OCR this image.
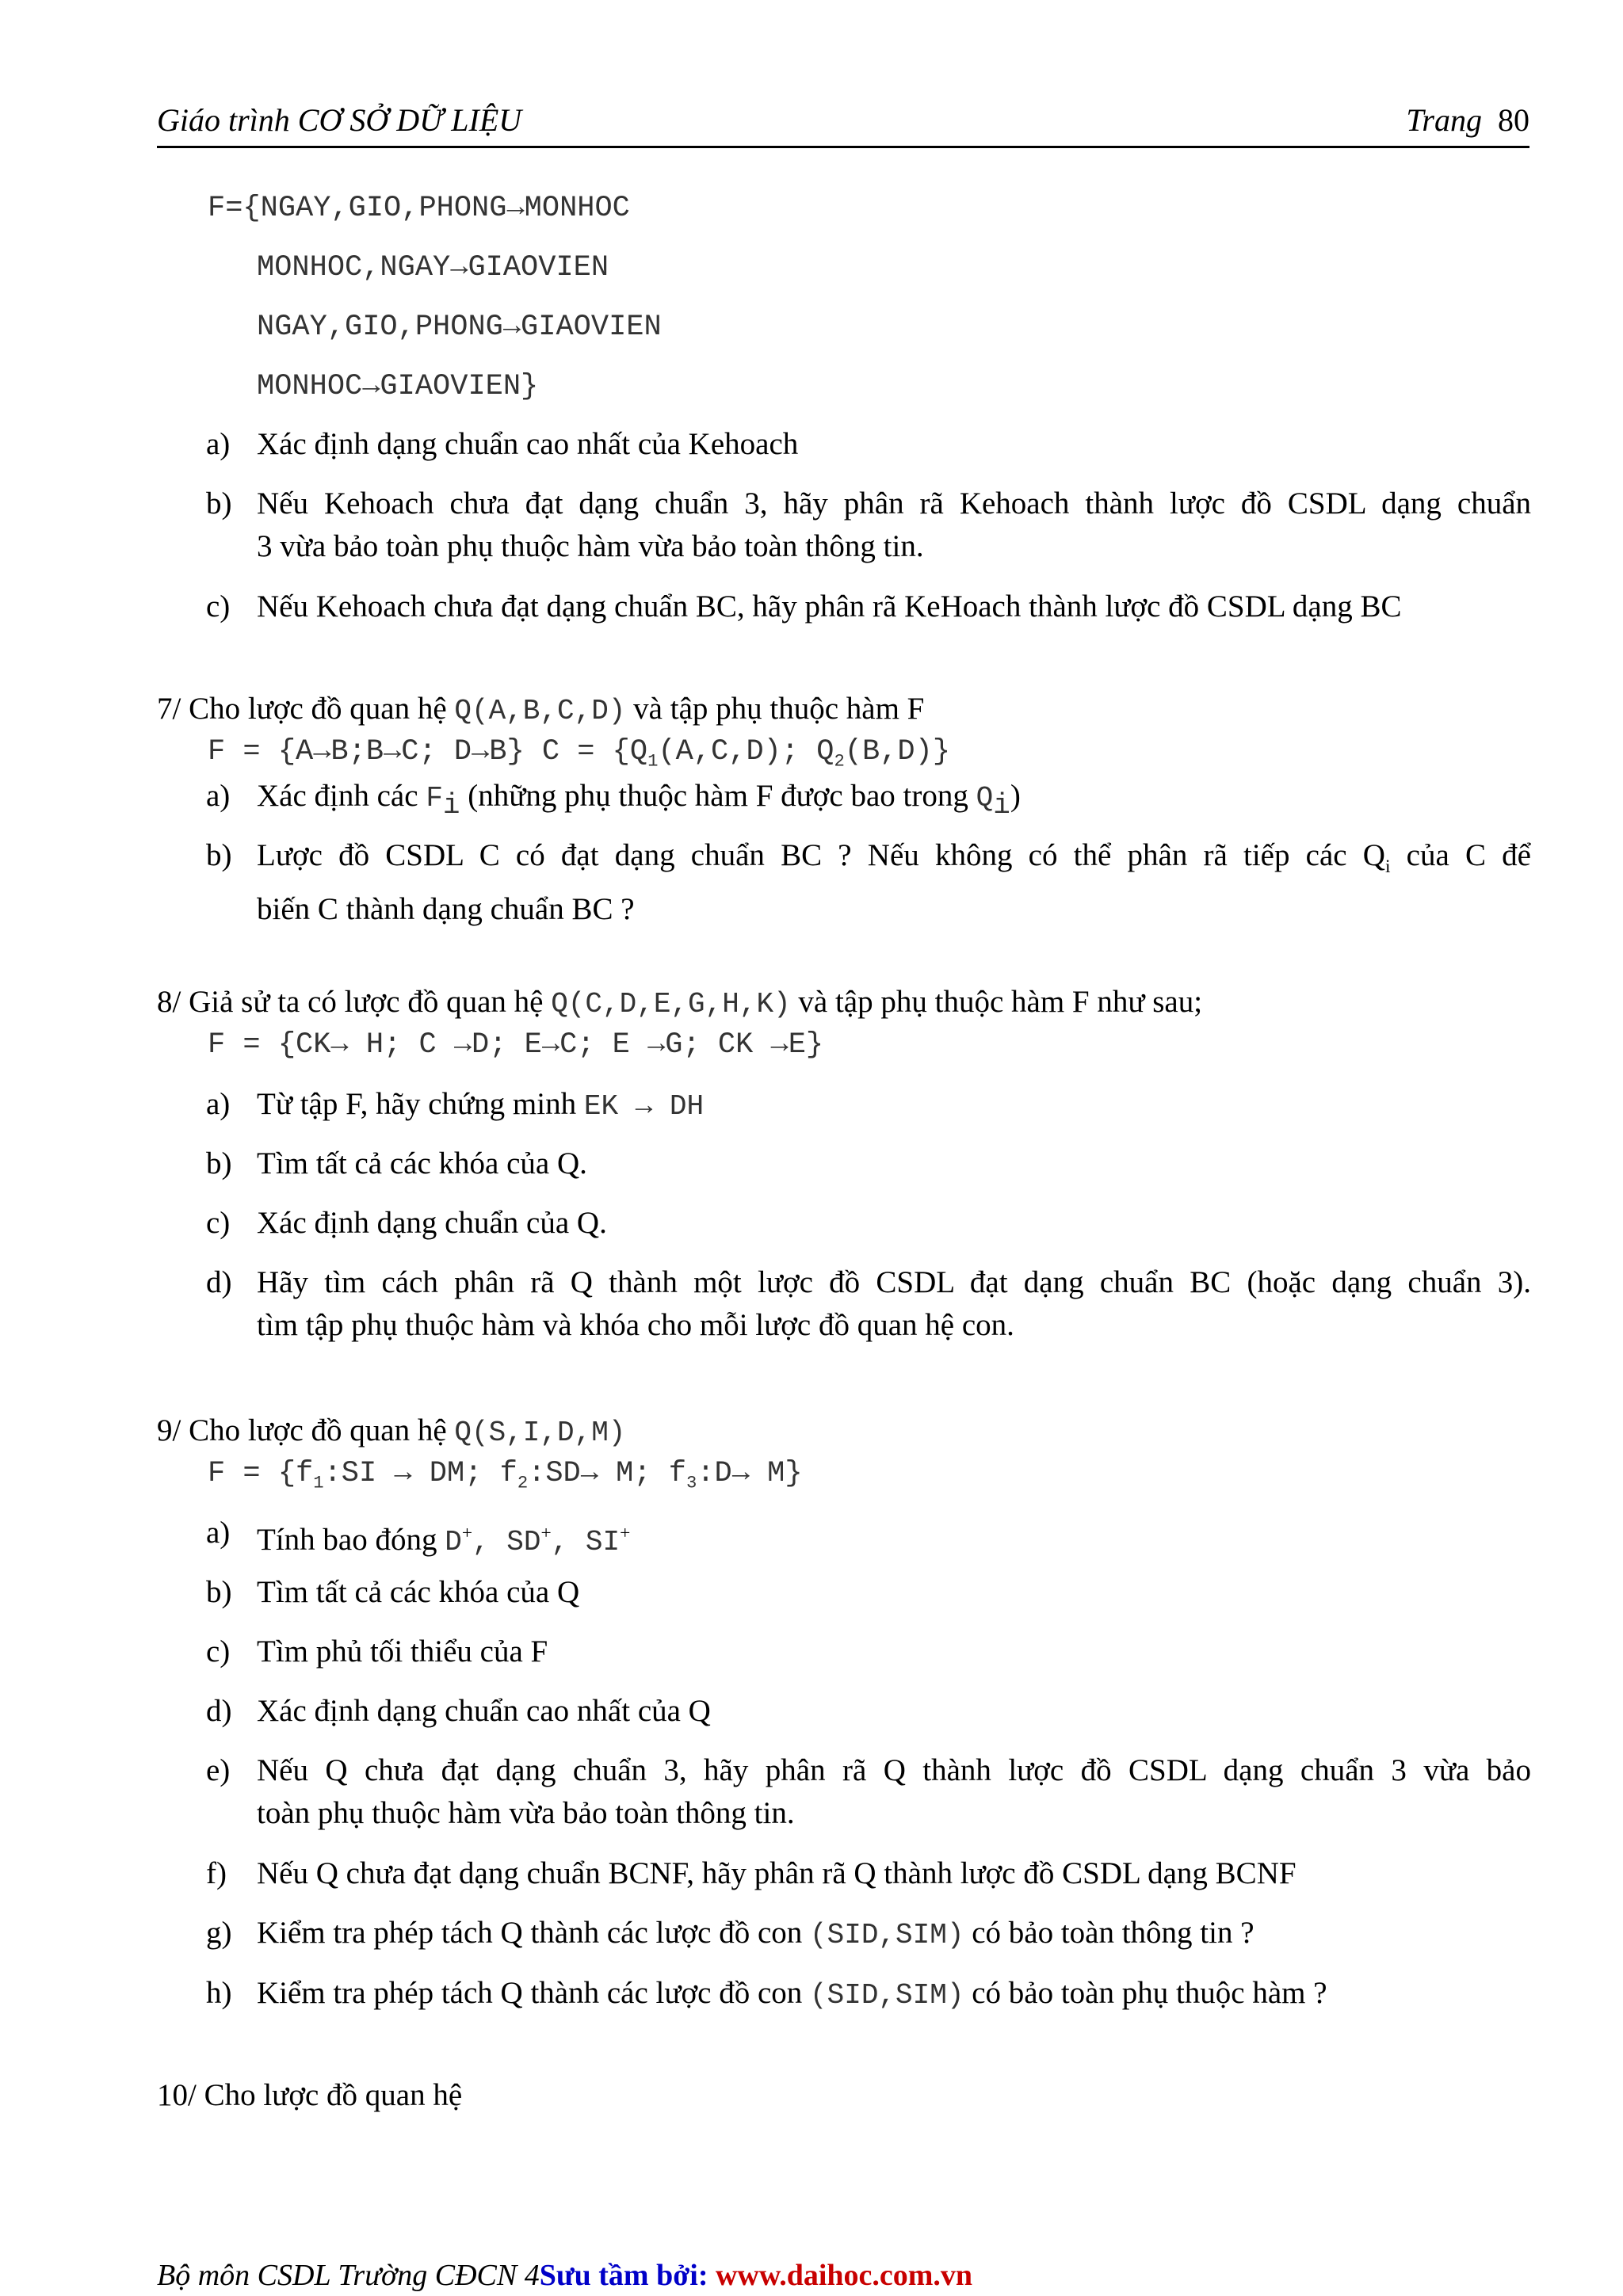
Giáo trình CƠ SỞ DỮ LIỆU	Trang 80
F={NGAY,GIO,PHONG→MONHOC
MONHOC,NGAY→GIAOVIEN
NGAY,GIO,PHONG→GIAOVIEN
MONHOC→GIAOVIEN}
a) Xác định dạng chuẩn cao nhất của Kehoach
b) Nếu Kehoach chưa đạt dạng chuẩn 3, hãy phân rã Kehoach thành lược đồ CSDL dạng chuẩn
3 vừa bảo toàn phụ thuộc hàm vừa bảo toàn thông tin.
c) Nếu Kehoach chưa đạt dạng chuẩn BC, hãy phân rã KeHoach thành lược đồ CSDL dạng BC
7/ Cho lược đồ quan hệ Q(A,B,C,D) và tập phụ thuộc hàm F
F = {A→B;B→C; D→B} $C = \{Q_1(A,C,D)$; $Q_2(B,D)$}
a) Xác định các $F_i$ (những phụ thuộc hàm F được bao trong $Q_i$)
b) Lược đồ CSDL C có đạt dạng chuẩn BC ? Nếu không có thể phân rã tiếp các $Q_i$ của C để
biến C thành dạng chuẩn BC ?
8/ Giả sử ta có lược đồ quan hệ Q(C,D,E,G,H,K) và tập phụ thuộc hàm F như sau;
F = {CK→ H; C →D; E→C; E →G; CK →E}
a) Từ tập F, hãy chứng minh EK → DH
b) Tìm tất cả các khóa của Q.
c) Xác định dạng chuẩn của Q.
d) Hãy tìm cách phân rã Q thành một lược đồ CSDL đạt dạng chuẩn BC (hoặc dạng chuẩn 3).
tìm tập phụ thuộc hàm và khóa cho mỗi lược đồ quan hệ con.
9/ Cho lược đồ quan hệ Q(S,I,D,M)
$F = \{f_1:SI$ → DM; $f_2:SD\to M$; $f_3:D\to M$}
a) Tính bao đóng D+, SD+, SI+
b) Tìm tất cả các khóa của Q
c) Tìm phủ tối thiểu của F
d) Xác định dạng chuẩn cao nhất của Q
e) Nếu Q chưa đạt dạng chuẩn 3, hãy phân rã Q thành lược đồ CSDL dạng chuẩn 3 vừa bảo
toàn phụ thuộc hàm vừa bảo toàn thông tin.
f) Nếu Q chưa đạt dạng chuẩn BCNF, hãy phân rã Q thành lược đồ CSDL dạng BCNF
g) Kiểm tra phép tách Q thành các lược đồ con (SID,SIM) có bảo toàn thông tin ?
h) Kiểm tra phép tách Q thành các lược đồ con (SID,SIM) có bảo toàn phụ thuộc hàm ?
10/ Cho lược đồ quan hệ
Bộ môn CSDL Trường CĐCN 4Sưu tầm bởi: www.daihoc.com.vn
